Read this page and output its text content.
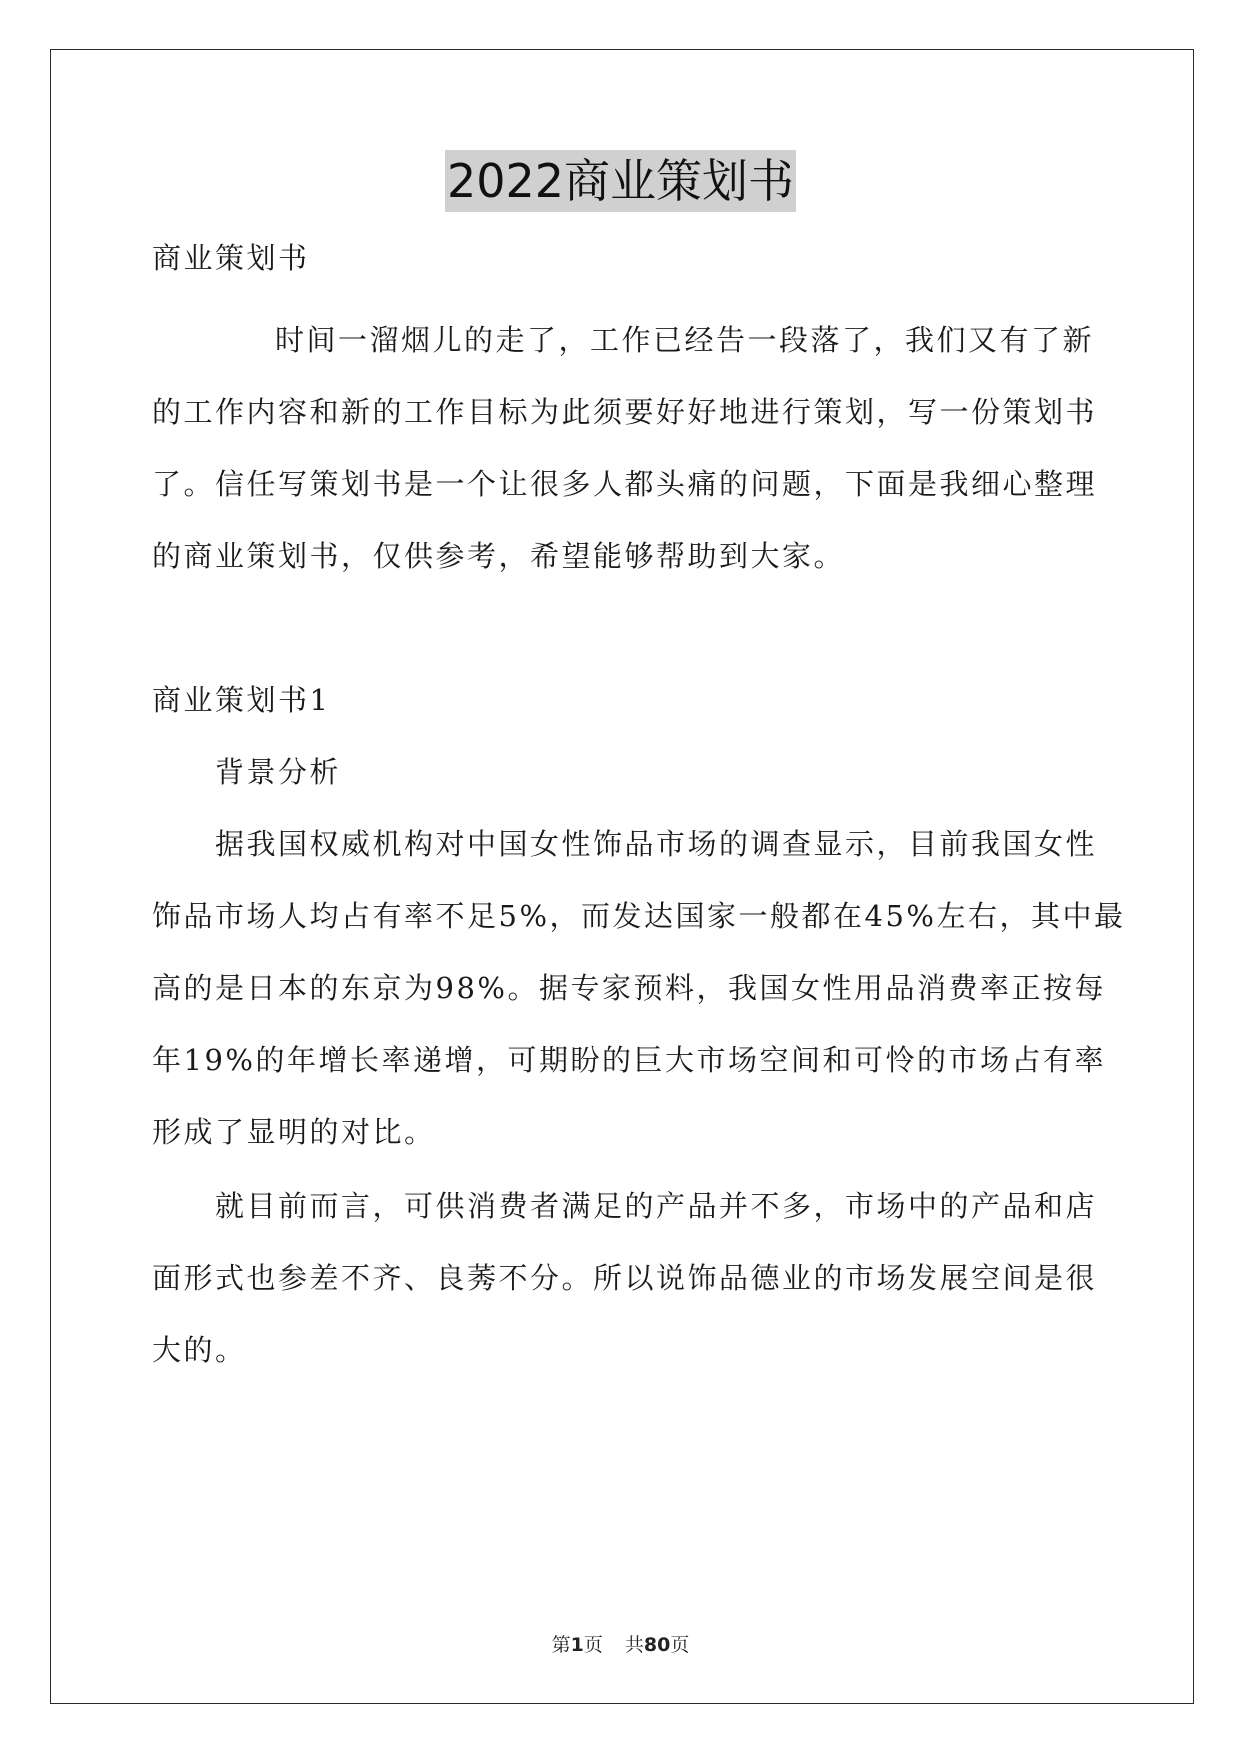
2022商业策划书
商业策划书
时间一溜烟儿的走了，工作已经告一段落了，我们又有了新
的工作内容和新的工作目标为此须要好好地进行策划，写一份策划书
了。信任写策划书是一个让很多人都头痛的问题，下面是我细心整理
的商业策划书，仅供参考，希望能够帮助到大家。
商业策划书1
背景分析
据我国权威机构对中国女性饰品市场的调查显示，目前我国女性
饰品市场人均占有率不足5%，而发达国家一般都在45%左右，其中最
高的是日本的东京为98%。据专家预料，我国女性用品消费率正按每
年19%的年增长率递增，可期盼的巨大市场空间和可怜的市场占有率
形成了显明的对比。
就目前而言，可供消费者满足的产品并不多，市场中的产品和店
面形式也参差不齐、良莠不分。所以说饰品德业的市场发展空间是很
大的。
第1页 共80页
